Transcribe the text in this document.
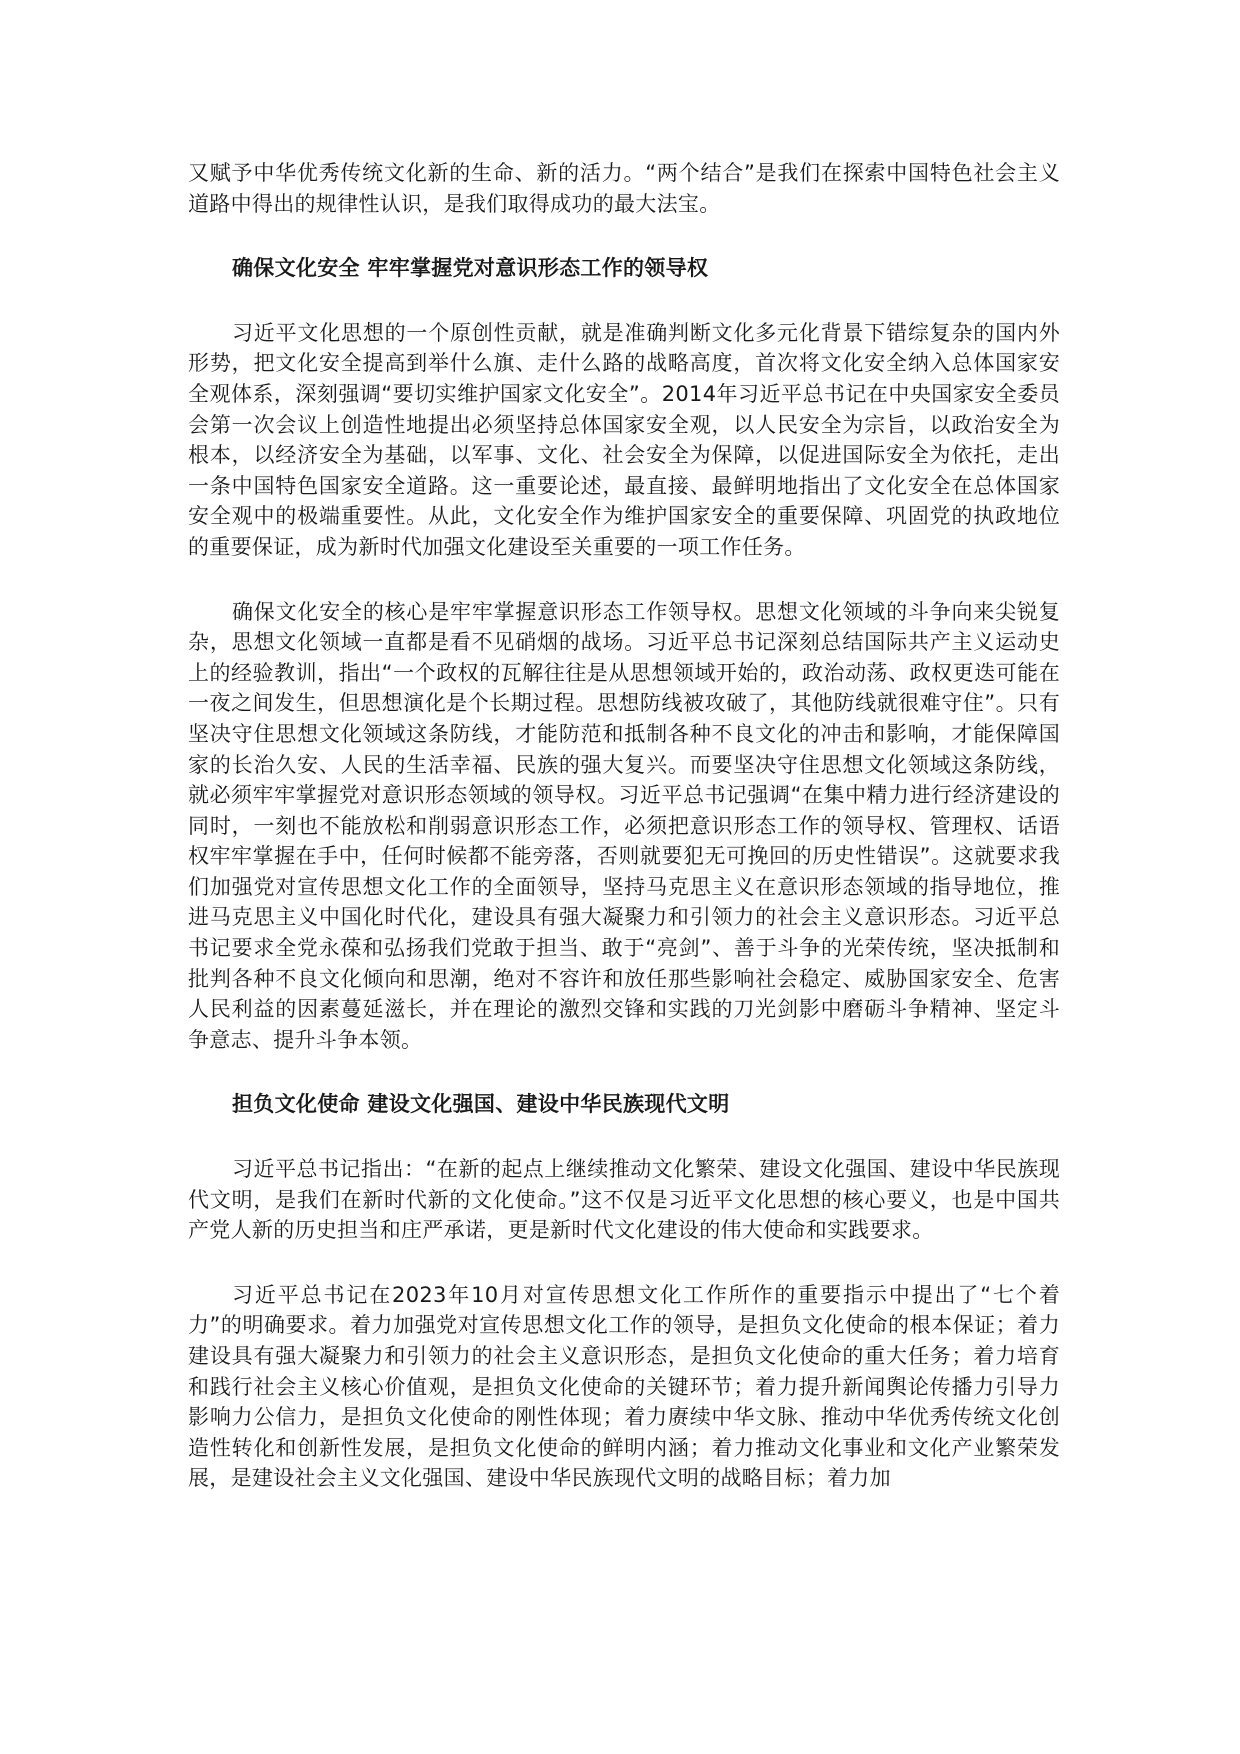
又赋予中华优秀传统文化新的生命、新的活力。“两个结合”是我们在探索中国特色社会主义道路中得出的规律性认识，是我们取得成功的最大法宝。

确保文化安全 牢牢掌握党对意识形态工作的领导权

习近平文化思想的一个原创性贡献，就是准确判断文化多元化背景下错综复杂的国内外形势，把文化安全提高到举什么旗、走什么路的战略高度，首次将文化安全纳入总体国家安全观体系，深刻强调“要切实维护国家文化安全”。2014年习近平总书记在中央国家安全委员会第一次会议上创造性地提出必须坚持总体国家安全观，以人民安全为宗旨，以政治安全为根本，以经济安全为基础，以军事、文化、社会安全为保障，以促进国际安全为依托，走出一条中国特色国家安全道路。这一重要论述，最直接、最鲜明地指出了文化安全在总体国家安全观中的极端重要性。从此，文化安全作为维护国家安全的重要保障、巩固党的执政地位的重要保证，成为新时代加强文化建设至关重要的一项工作任务。

确保文化安全的核心是牢牢掌握意识形态工作领导权。思想文化领域的斗争向来尖锐复杂，思想文化领域一直都是看不见硝烟的战场。习近平总书记深刻总结国际共产主义运动史上的经验教训，指出“一个政权的瓦解往往是从思想领域开始的，政治动荡、政权更迭可能在一夜之间发生，但思想演化是个长期过程。思想防线被攻破了，其他防线就很难守住”。只有坚决守住思想文化领域这条防线，才能防范和抵制各种不良文化的冲击和影响，才能保障国家的长治久安、人民的生活幸福、民族的强大复兴。而要坚决守住思想文化领域这条防线，就必须牢牢掌握党对意识形态领域的领导权。习近平总书记强调“在集中精力进行经济建设的同时，一刻也不能放松和削弱意识形态工作，必须把意识形态工作的领导权、管理权、话语权牢牢掌握在手中，任何时候都不能旁落，否则就要犯无可挽回的历史性错误”。这就要求我们加强党对宣传思想文化工作的全面领导，坚持马克思主义在意识形态领域的指导地位，推进马克思主义中国化时代化，建设具有强大凝聚力和引领力的社会主义意识形态。习近平总书记要求全党永葆和弘扬我们党敢于担当、敢于“亮剑”、善于斗争的光荣传统，坚决抵制和批判各种不良文化倾向和思潮，绝对不容许和放任那些影响社会稳定、威胁国家安全、危害人民利益的因素蔓延滋长，并在理论的激烈交锋和实践的刀光剑影中磨砺斗争精神、坚定斗争意志、提升斗争本领。

担负文化使命 建设文化强国、建设中华民族现代文明

习近平总书记指出：“在新的起点上继续推动文化繁荣、建设文化强国、建设中华民族现代文明，是我们在新时代新的文化使命。”这不仅是习近平文化思想的核心要义，也是中国共产党人新的历史担当和庄严承诺，更是新时代文化建设的伟大使命和实践要求。

习近平总书记在2023年10月对宣传思想文化工作所作的重要指示中提出了“七个着力”的明确要求。着力加强党对宣传思想文化工作的领导，是担负文化使命的根本保证；着力建设具有强大凝聚力和引领力的社会主义意识形态，是担负文化使命的重大任务；着力培育和践行社会主义核心价值观，是担负文化使命的关键环节；着力提升新闻舆论传播力引导力影响力公信力，是担负文化使命的刚性体现；着力赓续中华文脉、推动中华优秀传统文化创造性转化和创新性发展，是担负文化使命的鲜明内涵；着力推动文化事业和文化产业繁荣发展，是建设社会主义文化强国、建设中华民族现代文明的战略目标；着力加
